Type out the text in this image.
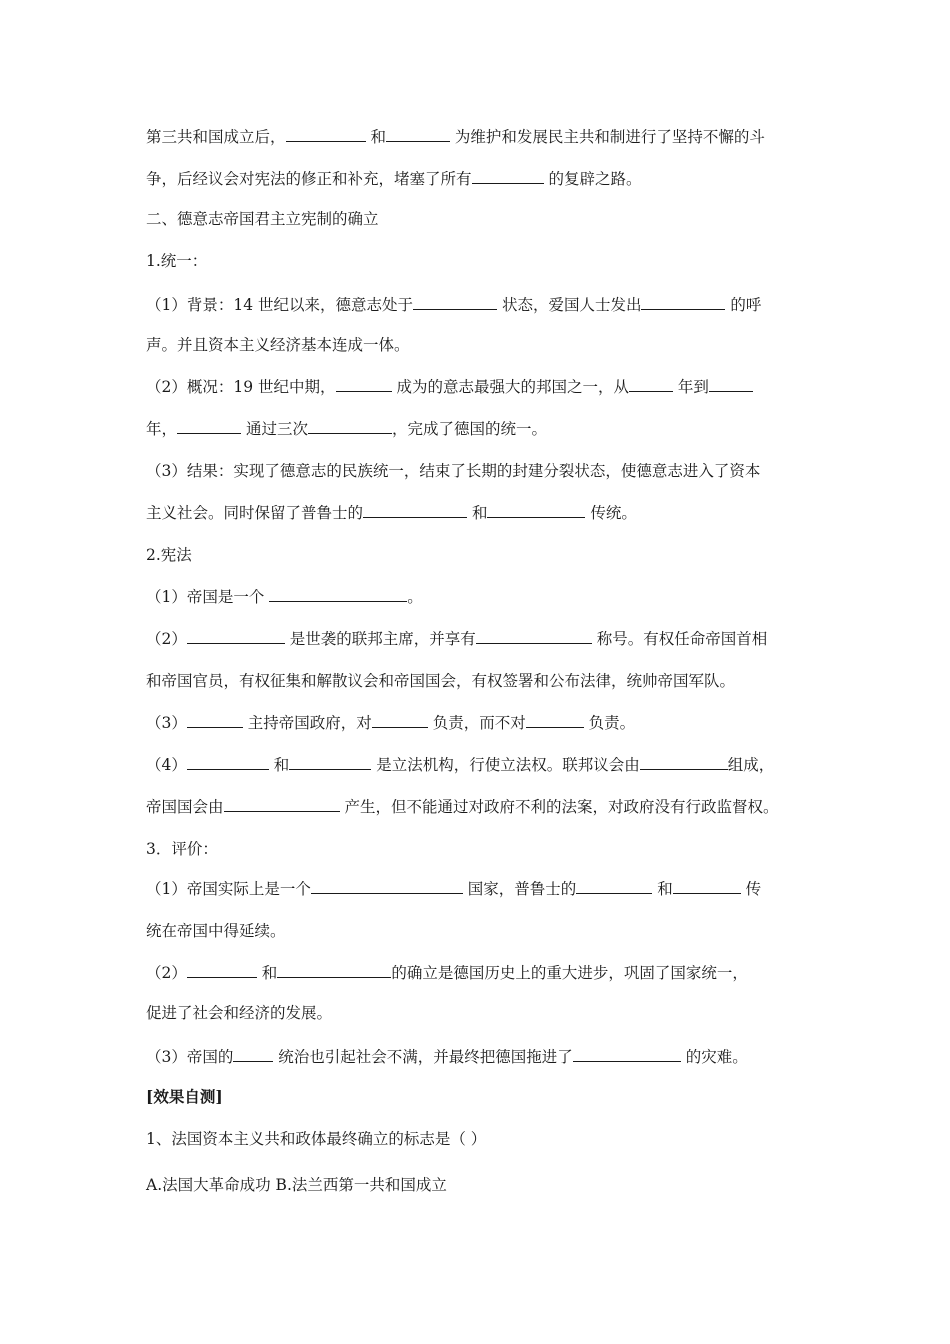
第三共和国成立后，	和	为维护和发展民主共和制进行了坚持不懈的斗
争，后经议会对宪法的修正和补充，堵塞了所有	的复辟之路。
二、德意志帝国君主立宪制的确立
1.统一：
（1）背景：14 世纪以来，德意志处于	状态，爱国人士发出	的呼
声。并且资本主义经济基本连成一体。
（2）概况：19 世纪中期，	成为的意志最强大的邦国之一，从	年到
年，	通过三次	，完成了德国的统一。
（3）结果：实现了德意志的民族统一，结束了长期的封建分裂状态，使德意志进入了资本
主义社会。同时保留了普鲁士的	和	传统。
2.宪法
（1）帝国是一个	。
（2）	是世袭的联邦主席，并享有	称号。有权任命帝国首相
和帝国官员，有权征集和解散议会和帝国国会，有权签署和公布法律，统帅帝国军队。
（3）	主持帝国政府，对	负责，而不对	负责。
（4）	和	是立法机构，行使立法权。联邦议会由	组成，
帝国国会由	产生，但不能通过对政府不利的法案，对政府没有行政监督权。
3．评价：
（1）帝国实际上是一个	国家，普鲁士的	和	传
统在帝国中得延续。
（2）	和	的确立是德国历史上的重大进步，巩固了国家统一，
促进了社会和经济的发展。
（3）帝国的	统治也引起社会不满，并最终把德国拖进了	的灾难。
[效果自测]
1、法国资本主义共和政体最终确立的标志是（ ）
A.法国大革命成功 B.法兰西第一共和国成立
